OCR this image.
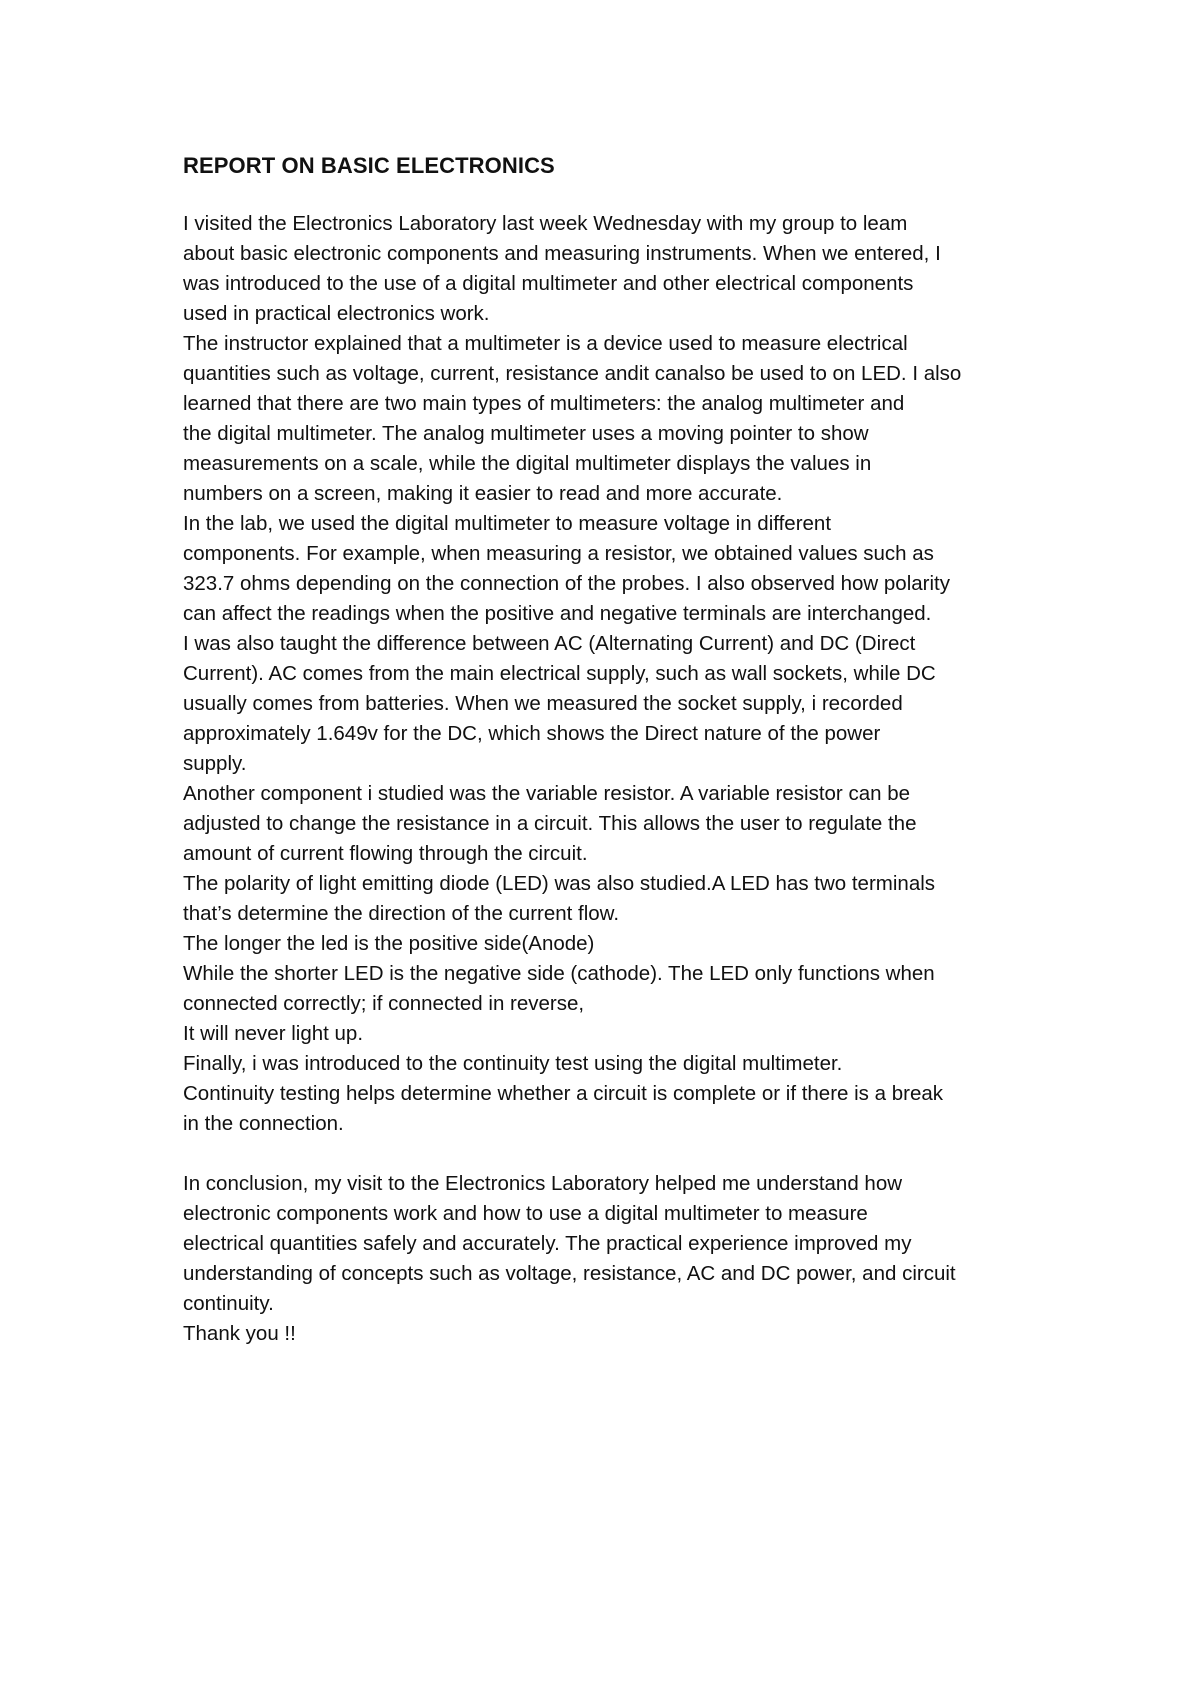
REPORT ON BASIC ELECTRONICS
I visited the Electronics Laboratory last week Wednesday with my group to leam
about basic electronic components and measuring instruments. When we entered, I
was introduced to the use of a digital multimeter and other electrical components
used in practical electronics work.
The instructor explained that a multimeter is a device used to measure electrical
quantities such as voltage, current, resistance andit canalso be used to on LED. I also
learned that there are two main types of multimeters: the analog multimeter and
the digital multimeter. The analog multimeter uses a moving pointer to show
measurements on a scale, while the digital multimeter displays the values in
numbers on a screen, making it easier to read and more accurate.
In the lab, we used the digital multimeter to measure voltage in different
components. For example, when measuring a resistor, we obtained values such as
323.7 ohms depending on the connection of the probes. I also observed how polarity
can affect the readings when the positive and negative terminals are interchanged.
I was also taught the difference between AC (Alternating Current) and DC (Direct
Current). AC comes from the main electrical supply, such as wall sockets, while DC
usually comes from batteries. When we measured the socket supply, i recorded
approximately 1.649v for the DC, which shows the Direct nature of the power
supply.
Another component i studied was the variable resistor. A variable resistor can be
adjusted to change the resistance in a circuit. This allows the user to regulate the
amount of current flowing through the circuit.
The polarity of light emitting diode (LED) was also studied.A LED has two terminals
that’s determine the direction of the current flow.
The longer the led is the positive side(Anode)
While the shorter LED is the negative side (cathode). The LED only functions when
connected correctly; if connected in reverse,
It will never light up.
Finally, i was introduced to the continuity test using the digital multimeter.
Continuity testing helps determine whether a circuit is complete or if there is a break
in the connection.
In conclusion, my visit to the Electronics Laboratory helped me understand how
electronic components work and how to use a digital multimeter to measure
electrical quantities safely and accurately. The practical experience improved my
understanding of concepts such as voltage, resistance, AC and DC power, and circuit
continuity.
Thank you !!
